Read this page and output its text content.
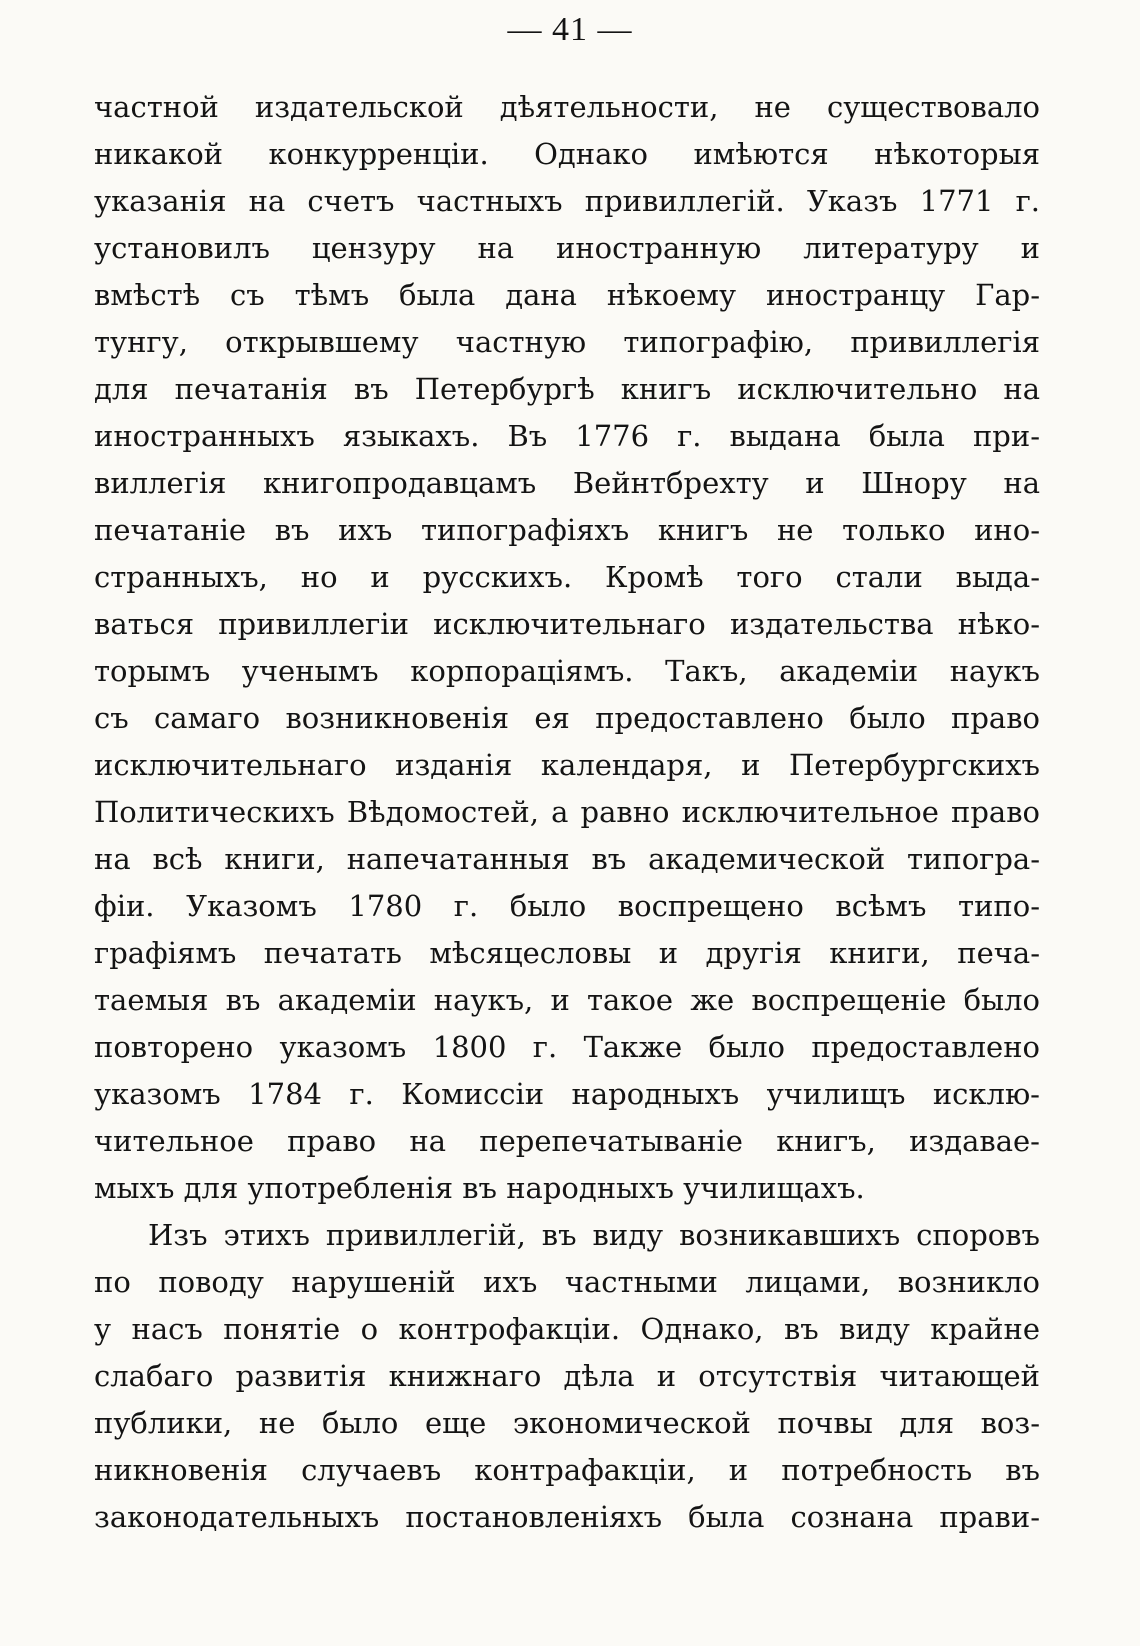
— 41 —
частной издательской дѣятельности, не существовало
никакой конкурренціи. Однако имѣются нѣкоторыя
указанія на счетъ частныхъ привиллегій. Указъ 1771 г.
установилъ цензуру на иностранную литературу и
вмѣстѣ съ тѣмъ была дана нѣкоему иностранцу Гар-
тунгу, открывшему частную типографію, привиллегія
для печатанія въ Петербургѣ книгъ исключительно на
иностранныхъ языкахъ. Въ 1776 г. выдана была при-
виллегія книгопродавцамъ Вейнтбрехту и Шнору на
печатаніе въ ихъ типографіяхъ книгъ не только ино-
странныхъ, но и русскихъ. Кромѣ того стали выда-
ваться привиллегіи исключительнаго издательства нѣко-
торымъ ученымъ корпораціямъ. Такъ, академіи наукъ
съ самаго возникновенія ея предоставлено было право
исключительнаго изданія календаря, и Петербургскихъ
Политическихъ Вѣдомостей, а равно исключительное право
на всѣ книги, напечатанныя въ академической типогра-
фіи. Указомъ 1780 г. было воспрещено всѣмъ типо-
графіямъ печатать мѣсяцесловы и другія книги, печа-
таемыя въ академіи наукъ, и такое же воспрещеніе было
повторено указомъ 1800 г. Также было предоставлено
указомъ 1784 г. Комиссіи народныхъ училищъ исклю-
чительное право на перепечатываніе книгъ, издавае-
мыхъ для употребленія въ народныхъ училищахъ.
Изъ этихъ привиллегій, въ виду возникавшихъ споровъ
по поводу нарушеній ихъ частными лицами, возникло
у насъ понятіе о контрофакціи. Однако, въ виду крайне
слабаго развитія книжнаго дѣла и отсутствія читающей
публики, не было еще экономической почвы для воз-
никновенія случаевъ контрафакціи, и потребность въ
законодательныхъ постановленіяхъ была сознана прави-
